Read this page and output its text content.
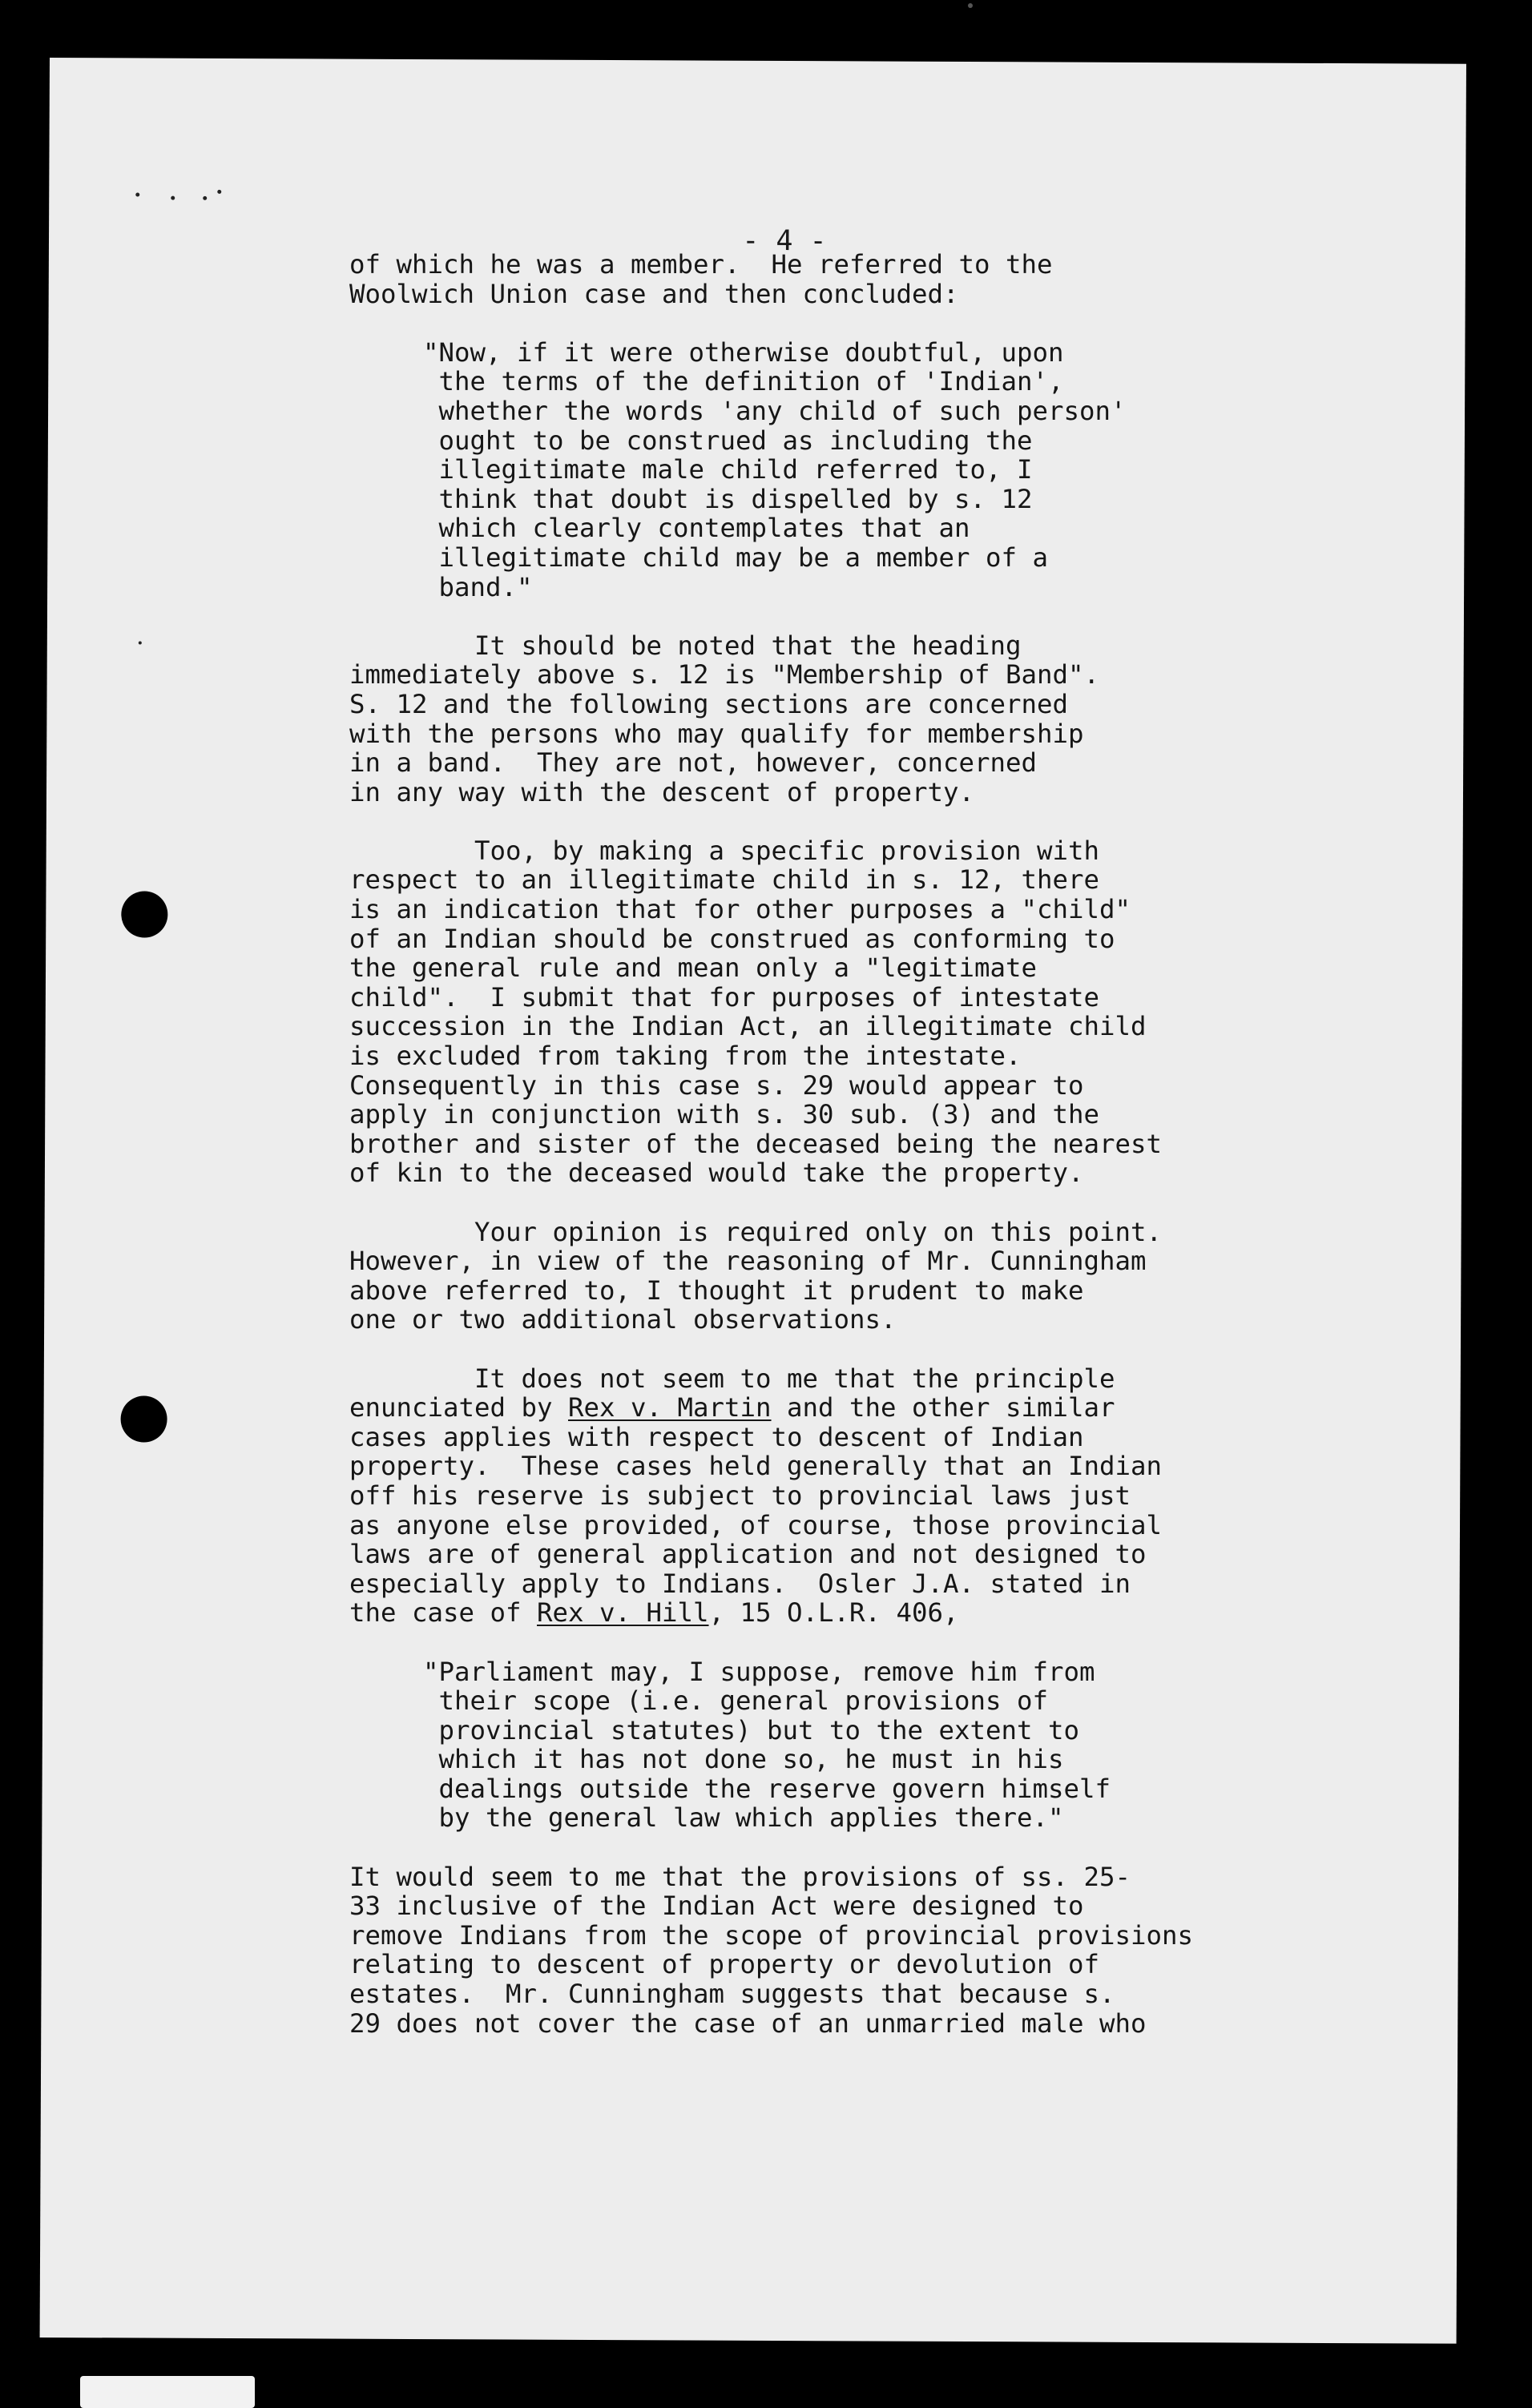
- 4 -
of which he was a member.  He referred to the
Woolwich Union case and then concluded:
"Now, if it were otherwise doubtful, upon
the terms of the definition of 'Indian',
whether the words 'any child of such person'
ought to be construed as including the
illegitimate male child referred to, I
think that doubt is dispelled by s. 12
which clearly contemplates that an
illegitimate child may be a member of a
band."
It should be noted that the heading
immediately above s. 12 is "Membership of Band".
S. 12 and the following sections are concerned
with the persons who may qualify for membership
in a band.  They are not, however, concerned
in any way with the descent of property.
Too, by making a specific provision with
respect to an illegitimate child in s. 12, there
is an indication that for other purposes a "child"
of an Indian should be construed as conforming to
the general rule and mean only a "legitimate
child".  I submit that for purposes of intestate
succession in the Indian Act, an illegitimate child
is excluded from taking from the intestate.
Consequently in this case s. 29 would appear to
apply in conjunction with s. 30 sub. (3) and the
brother and sister of the deceased being the nearest
of kin to the deceased would take the property.
Your opinion is required only on this point.
However, in view of the reasoning of Mr. Cunningham
above referred to, I thought it prudent to make
one or two additional observations.
It does not seem to me that the principle
enunciated by Rex v. Martin and the other similar
cases applies with respect to descent of Indian
property.  These cases held generally that an Indian
off his reserve is subject to provincial laws just
as anyone else provided, of course, those provincial
laws are of general application and not designed to
especially apply to Indians.  Osler J.A. stated in
the case of Rex v. Hill, 15 O.L.R. 406,
"Parliament may, I suppose, remove him from
their scope (i.e. general provisions of
provincial statutes) but to the extent to
which it has not done so, he must in his
dealings outside the reserve govern himself
by the general law which applies there."
It would seem to me that the provisions of ss. 25-
33 inclusive of the Indian Act were designed to
remove Indians from the scope of provincial provisions
relating to descent of property or devolution of
estates.  Mr. Cunningham suggests that because s.
29 does not cover the case of an unmarried male who
